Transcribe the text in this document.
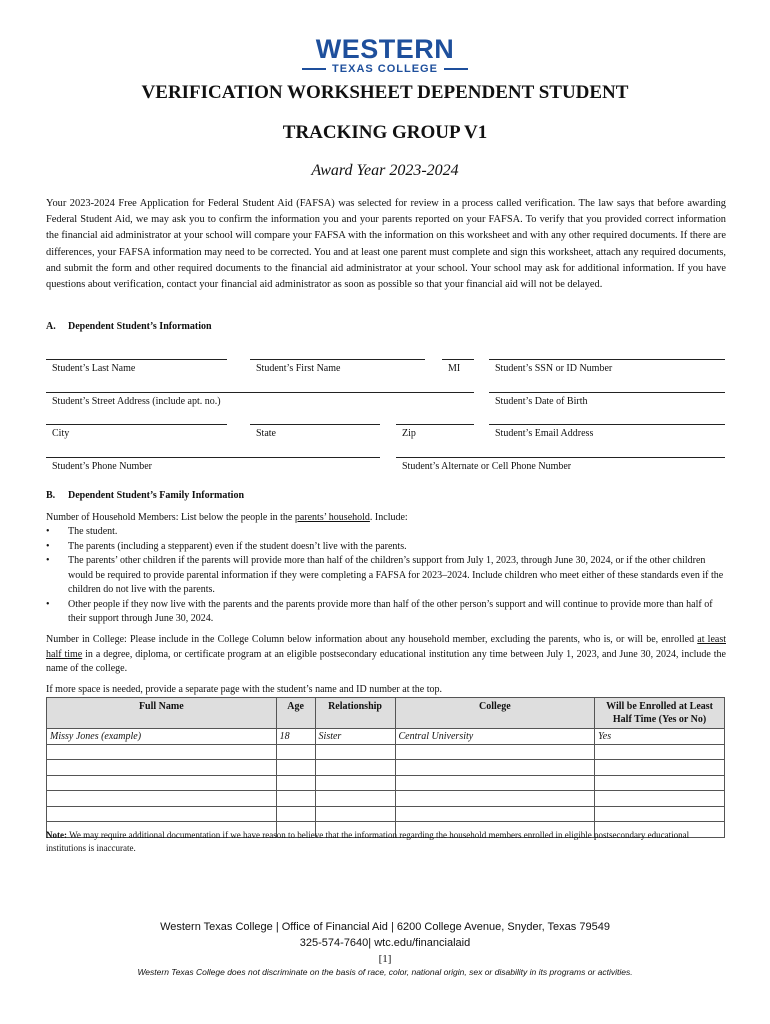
WESTERN
TEXAS COLLEGE
VERIFICATION WORKSHEET DEPENDENT STUDENT
TRACKING GROUP V1
Award Year 2023-2024
Your 2023-2024 Free Application for Federal Student Aid (FAFSA) was selected for review in a process called verification. The law says that before awarding Federal Student Aid, we may ask you to confirm the information you and your parents reported on your FAFSA. To verify that you provided correct information the financial aid administrator at your school will compare your FAFSA with the information on this worksheet and with any other required documents. If there are differences, your FAFSA information may need to be corrected. You and at least one parent must complete and sign this worksheet, attach any required documents, and submit the form and other required documents to the financial aid administrator at your school. Your school may ask for additional information. If you have questions about verification, contact your financial aid administrator as soon as possible so that your financial aid will not be delayed.
A. Dependent Student’s Information
Student’s Last Name	Student’s First Name	MI	Student’s SSN or ID Number
Student’s Street Address (include apt. no.)	Student’s Date of Birth
City	State	Zip	Student’s Email Address
Student’s Phone Number	Student’s Alternate or Cell Phone Number
B. Dependent Student’s Family Information
Number of Household Members: List below the people in the parents’ household. Include:
•	The student.
•	The parents (including a stepparent) even if the student doesn’t live with the parents.
•	The parents’ other children if the parents will provide more than half of the children’s support from July 1, 2023, through June 30, 2024, or if the other children would be required to provide parental information if they were completing a FAFSA for 2023–2024. Include children who meet either of these standards even if the children do not live with the parents.
•	Other people if they now live with the parents and the parents provide more than half of the other person’s support and will continue to provide more than half of their support through June 30, 2024.
Number in College: Please include in the College Column below information about any household member, excluding the parents, who is, or will be, enrolled at least half time in a degree, diploma, or certificate program at an eligible postsecondary educational institution any time between July 1, 2023, and June 30, 2024, include the name of the college.
If more space is needed, provide a separate page with the student’s name and ID number at the top.
Full Name	Age	Relationship	College	Will be Enrolled at Least Half Time (Yes or No)
Missy Jones (example)	18	Sister	Central University	Yes

Note: We may require additional documentation if we have reason to believe that the information regarding the household members enrolled in eligible postsecondary educational institutions is inaccurate.
Western Texas College | Office of Financial Aid | 6200 College Avenue, Snyder, Texas 79549
325-574-7640| wtc.edu/financialaid
[1]
Western Texas College does not discriminate on the basis of race, color, national origin, sex or disability in its programs or activities.
